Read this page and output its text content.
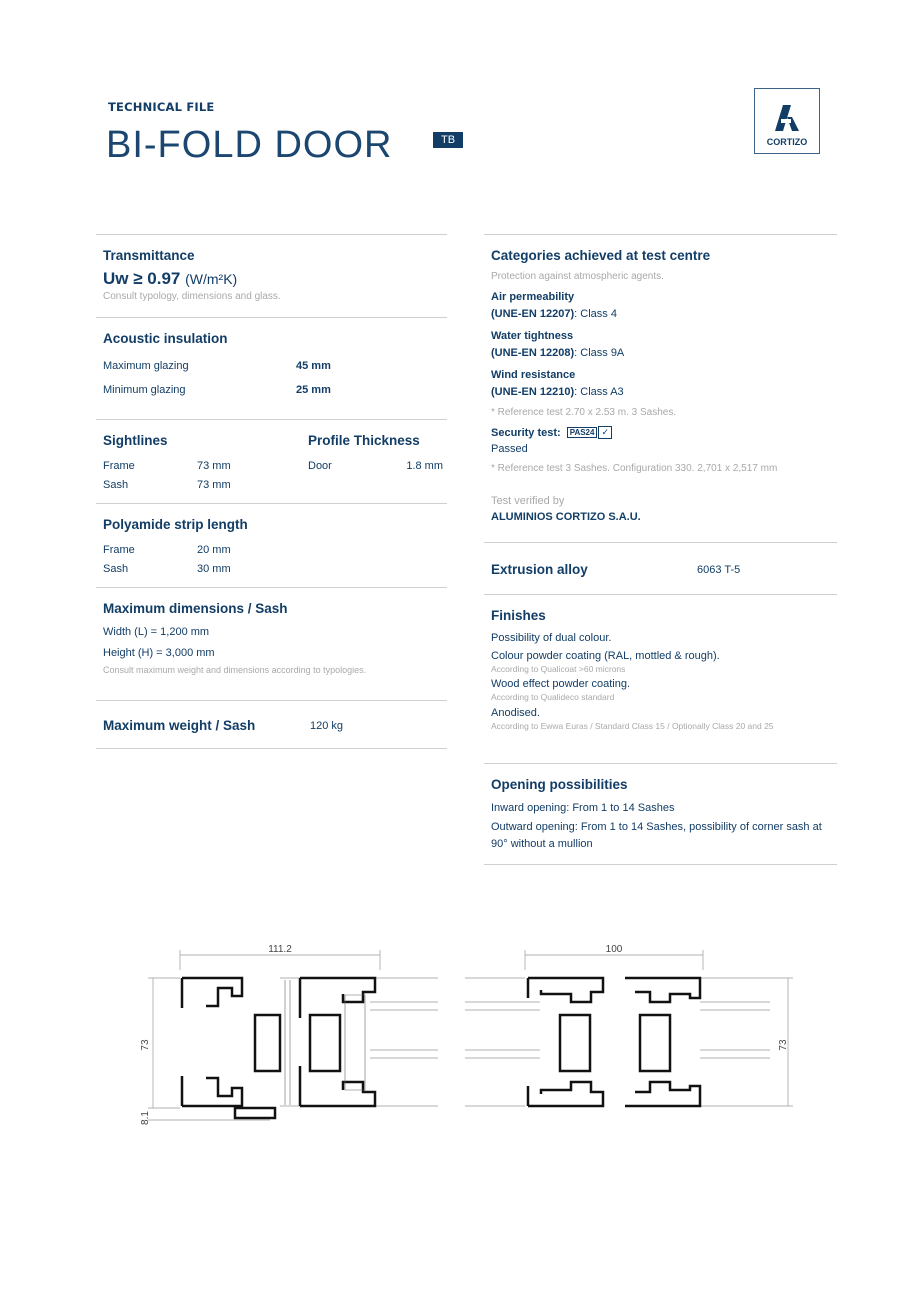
TECHNICAL FILE
BI-FOLD DOOR	TB	CORTIZO
Transmittance
Uw ≥ 0.97 (W/m²K)
Consult typology, dimensions and glass.
Acoustic insulation
Maximum glazing	45 mm
Minimum glazing	25 mm
Sightlines
Frame	73 mm
Sash	73 mm
Profile Thickness
Door	1.8 mm
Polyamide strip length
Frame	20 mm
Sash	30 mm
Maximum dimensions / Sash
Width (L) = 1,200 mm
Height (H) = 3,000 mm
Consult maximum weight and dimensions according to typologies.
Maximum weight / Sash	120 kg
Categories achieved at test centre
Protection against atmospheric agents.
Air permeability
(UNE-EN 12207): Class 4
Water tightness
(UNE-EN 12208): Class 9A
Wind resistance
(UNE-EN 12210): Class A3
* Reference test 2.70 x 2.53 m. 3 Sashes.
Security test:	PAS24 ✓
Passed
* Reference test 3 Sashes. Configuration 330. 2,701 x 2,517 mm
Test verified by
ALUMINIOS CORTIZO S.A.U.
Extrusion alloy	6063 T-5
Finishes
Possibility of dual colour.
Colour powder coating (RAL, mottled & rough).
According to Qualicoat >60 microns
Wood effect powder coating.
According to Qualideco standard
Anodised.
According to Ewwa Euras / Standard Class 15 / Optionally Class 20 and 25
Opening possibilities
Inward opening: From 1 to 14 Sashes
Outward opening: From 1 to 14 Sashes, possibility of corner sash at 90° without a mullion
111.2
73
8.1
100
73
